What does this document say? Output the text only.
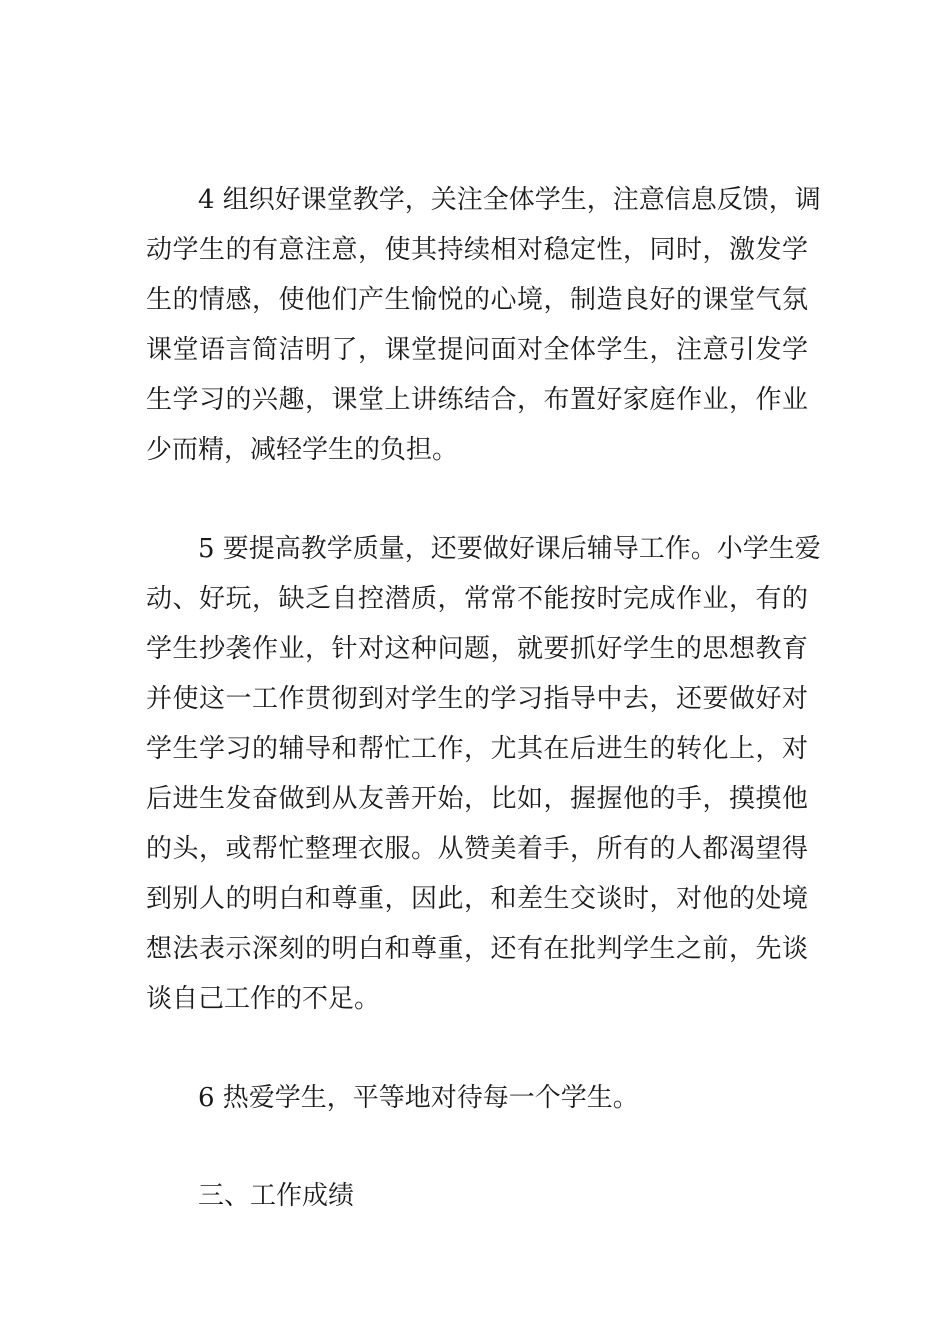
4 组织好课堂教学，关注全体学生，注意信息反馈，调
动学生的有意注意，使其持续相对稳定性，同时，激发学
生的情感，使他们产生愉悦的心境，制造良好的课堂气氛
课堂语言简洁明了，课堂提问面对全体学生，注意引发学
生学习的兴趣，课堂上讲练结合，布置好家庭作业，作业
少而精，减轻学生的负担。
5 要提高教学质量，还要做好课后辅导工作。小学生爱
动、好玩，缺乏自控潜质，常常不能按时完成作业，有的
学生抄袭作业，针对这种问题，就要抓好学生的思想教育
并使这一工作贯彻到对学生的学习指导中去，还要做好对
学生学习的辅导和帮忙工作，尤其在后进生的转化上，对
后进生发奋做到从友善开始，比如，握握他的手，摸摸他
的头，或帮忙整理衣服。从赞美着手，所有的人都渴望得
到别人的明白和尊重，因此，和差生交谈时，对他的处境
想法表示深刻的明白和尊重，还有在批判学生之前，先谈
谈自己工作的不足。
6 热爱学生，平等地对待每一个学生。
三、工作成绩
